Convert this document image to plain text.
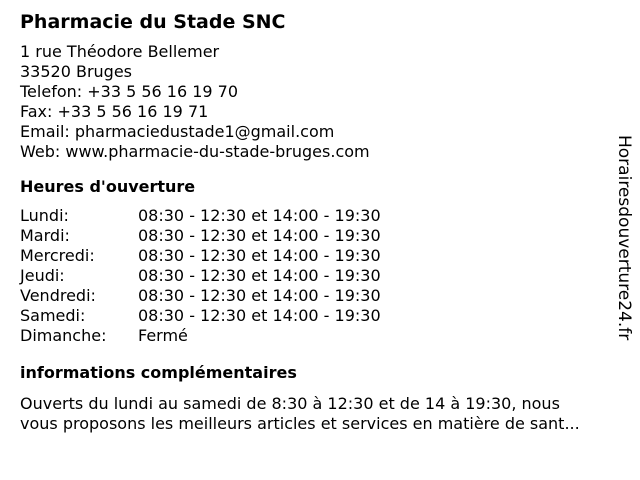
Pharmacie du Stade SNC
1 rue Théodore Bellemer
33520 Bruges
Telefon: +33 5 56 16 19 70
Fax: +33 5 56 16 19 71
Email: pharmaciedustade1@gmail.com
Web: www.pharmacie-du-stade-bruges.com
Heures d'ouverture
Lundi:	08:30 - 12:30 et 14:00 - 19:30
Mardi:	08:30 - 12:30 et 14:00 - 19:30
Mercredi:	08:30 - 12:30 et 14:00 - 19:30
Jeudi:	08:30 - 12:30 et 14:00 - 19:30
Vendredi:	08:30 - 12:30 et 14:00 - 19:30
Samedi:	08:30 - 12:30 et 14:00 - 19:30
Dimanche:	Fermé
informations complémentaires
Ouverts du lundi au samedi de 8:30 à 12:30 et de 14 à 19:30, nous
vous proposons les meilleurs articles et services en matière de sant...
Horairesdouverture24.fr
